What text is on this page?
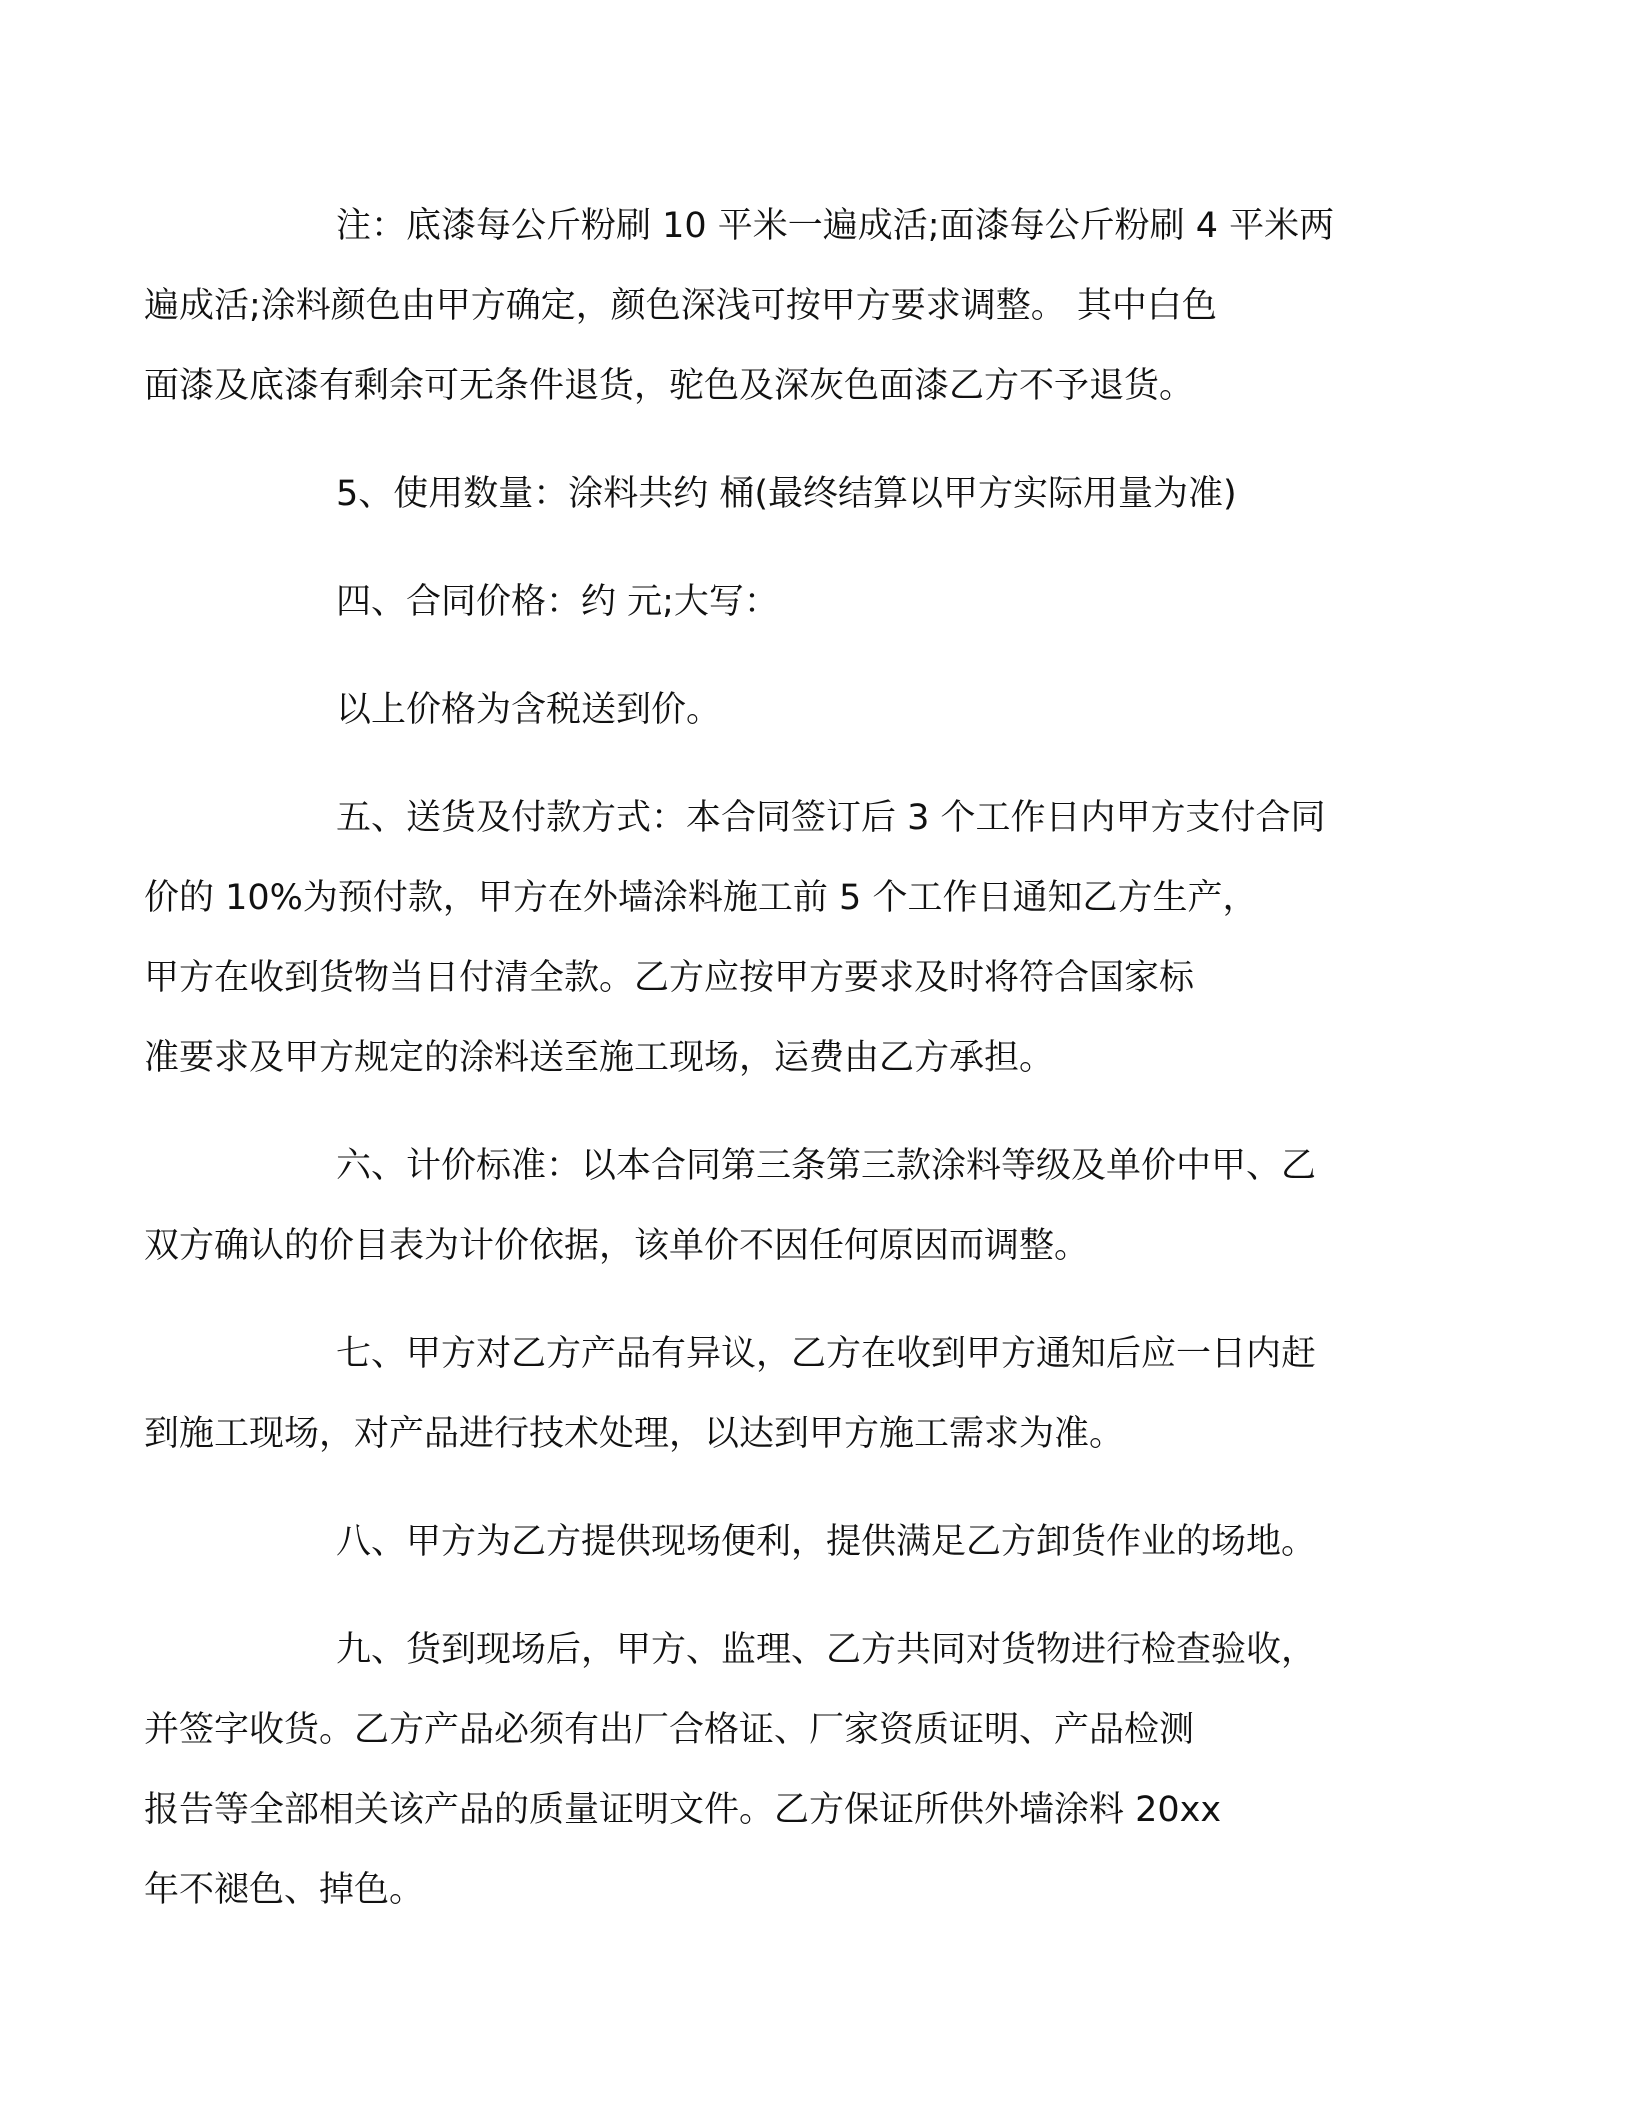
注：底漆每公斤粉刷 10 平米一遍成活;面漆每公斤粉刷 4 平米两
遍成活;涂料颜色由甲方确定，颜色深浅可按甲方要求调整。 其中白色
面漆及底漆有剩余可无条件退货，驼色及深灰色面漆乙方不予退货。

5、使用数量：涂料共约 桶(最终结算以甲方实际用量为准)

四、合同价格：约 元;大写：

以上价格为含税送到价。

五、送货及付款方式：本合同签订后 3 个工作日内甲方支付合同
价的 10%为预付款，甲方在外墙涂料施工前 5 个工作日通知乙方生产，
甲方在收到货物当日付清全款。乙方应按甲方要求及时将符合国家标
准要求及甲方规定的涂料送至施工现场，运费由乙方承担。

六、计价标准：以本合同第三条第三款涂料等级及单价中甲、乙
双方确认的价目表为计价依据，该单价不因任何原因而调整。

七、甲方对乙方产品有异议，乙方在收到甲方通知后应一日内赶
到施工现场，对产品进行技术处理，以达到甲方施工需求为准。

八、甲方为乙方提供现场便利，提供满足乙方卸货作业的场地。

九、货到现场后，甲方、监理、乙方共同对货物进行检查验收，
并签字收货。乙方产品必须有出厂合格证、厂家资质证明、产品检测
报告等全部相关该产品的质量证明文件。乙方保证所供外墙涂料 20xx
年不褪色、掉色。
